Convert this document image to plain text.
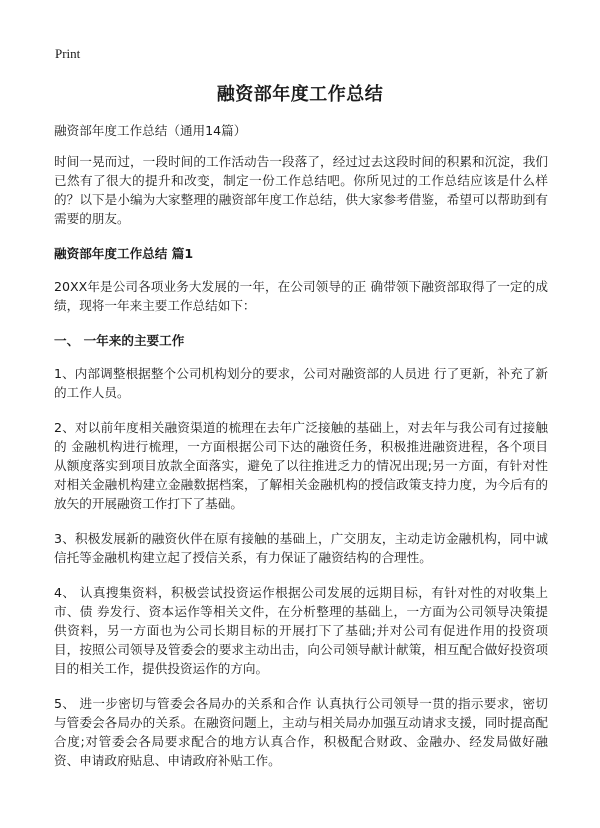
Print
融资部年度工作总结
融资部年度工作总结（通用14篇）

时间一晃而过，一段时间的工作活动告一段落了，经过过去这段时间的积累和沉淀，我们已然有了很大的提升和改变，制定一份工作总结吧。你所见过的工作总结应该是什么样的？以下是小编为大家整理的融资部年度工作总结，供大家参考借鉴，希望可以帮助到有需要的朋友。

融资部年度工作总结 篇1

20XX年是公司各项业务大发展的一年，在公司领导的正 确带领下融资部取得了一定的成绩，现将一年来主要工作总结如下：

一、 一年来的主要工作

1、内部调整根据整个公司机构划分的要求，公司对融资部的人员进 行了更新，补充了新的工作人员。

2、对以前年度相关融资渠道的梳理在去年广泛接触的基础上，对去年与我公司有过接触的 金融机构进行梳理，一方面根据公司下达的融资任务，积极推进融资进程，各个项目从额度落实到项目放款全面落实，避免了以往推进乏力的情况出现;另一方面，有针对性对相关金融机构建立金融数据档案，了解相关金融机构的授信政策支持力度，为今后有的放矢的开展融资工作打下了基础。

3、积极发展新的融资伙伴在原有接触的基础上，广交朋友，主动走访金融机构，同中诚信托等金融机构建立起了授信关系，有力保证了融资结构的合理性。

4、 认真搜集资料，积极尝试投资运作根据公司发展的远期目标，有针对性的对收集上市、债 券发行、资本运作等相关文件，在分析整理的基础上，一方面为公司领导决策提供资料，另一方面也为公司长期目标的开展打下了基础;并对公司有促进作用的投资项目，按照公司领导及管委会的要求主动出击，向公司领导献计献策，相互配合做好投资项目的相关工作，提供投资运作的方向。

5、 进一步密切与管委会各局办的关系和合作 认真执行公司领导一贯的指示要求，密切与管委会各局办的关系。在融资问题上，主动与相关局办加强互动请求支援，同时提高配合度;对管委会各局要求配合的地方认真合作，积极配合财政、金融办、经发局做好融资、申请政府贴息、申请政府补贴工作。
